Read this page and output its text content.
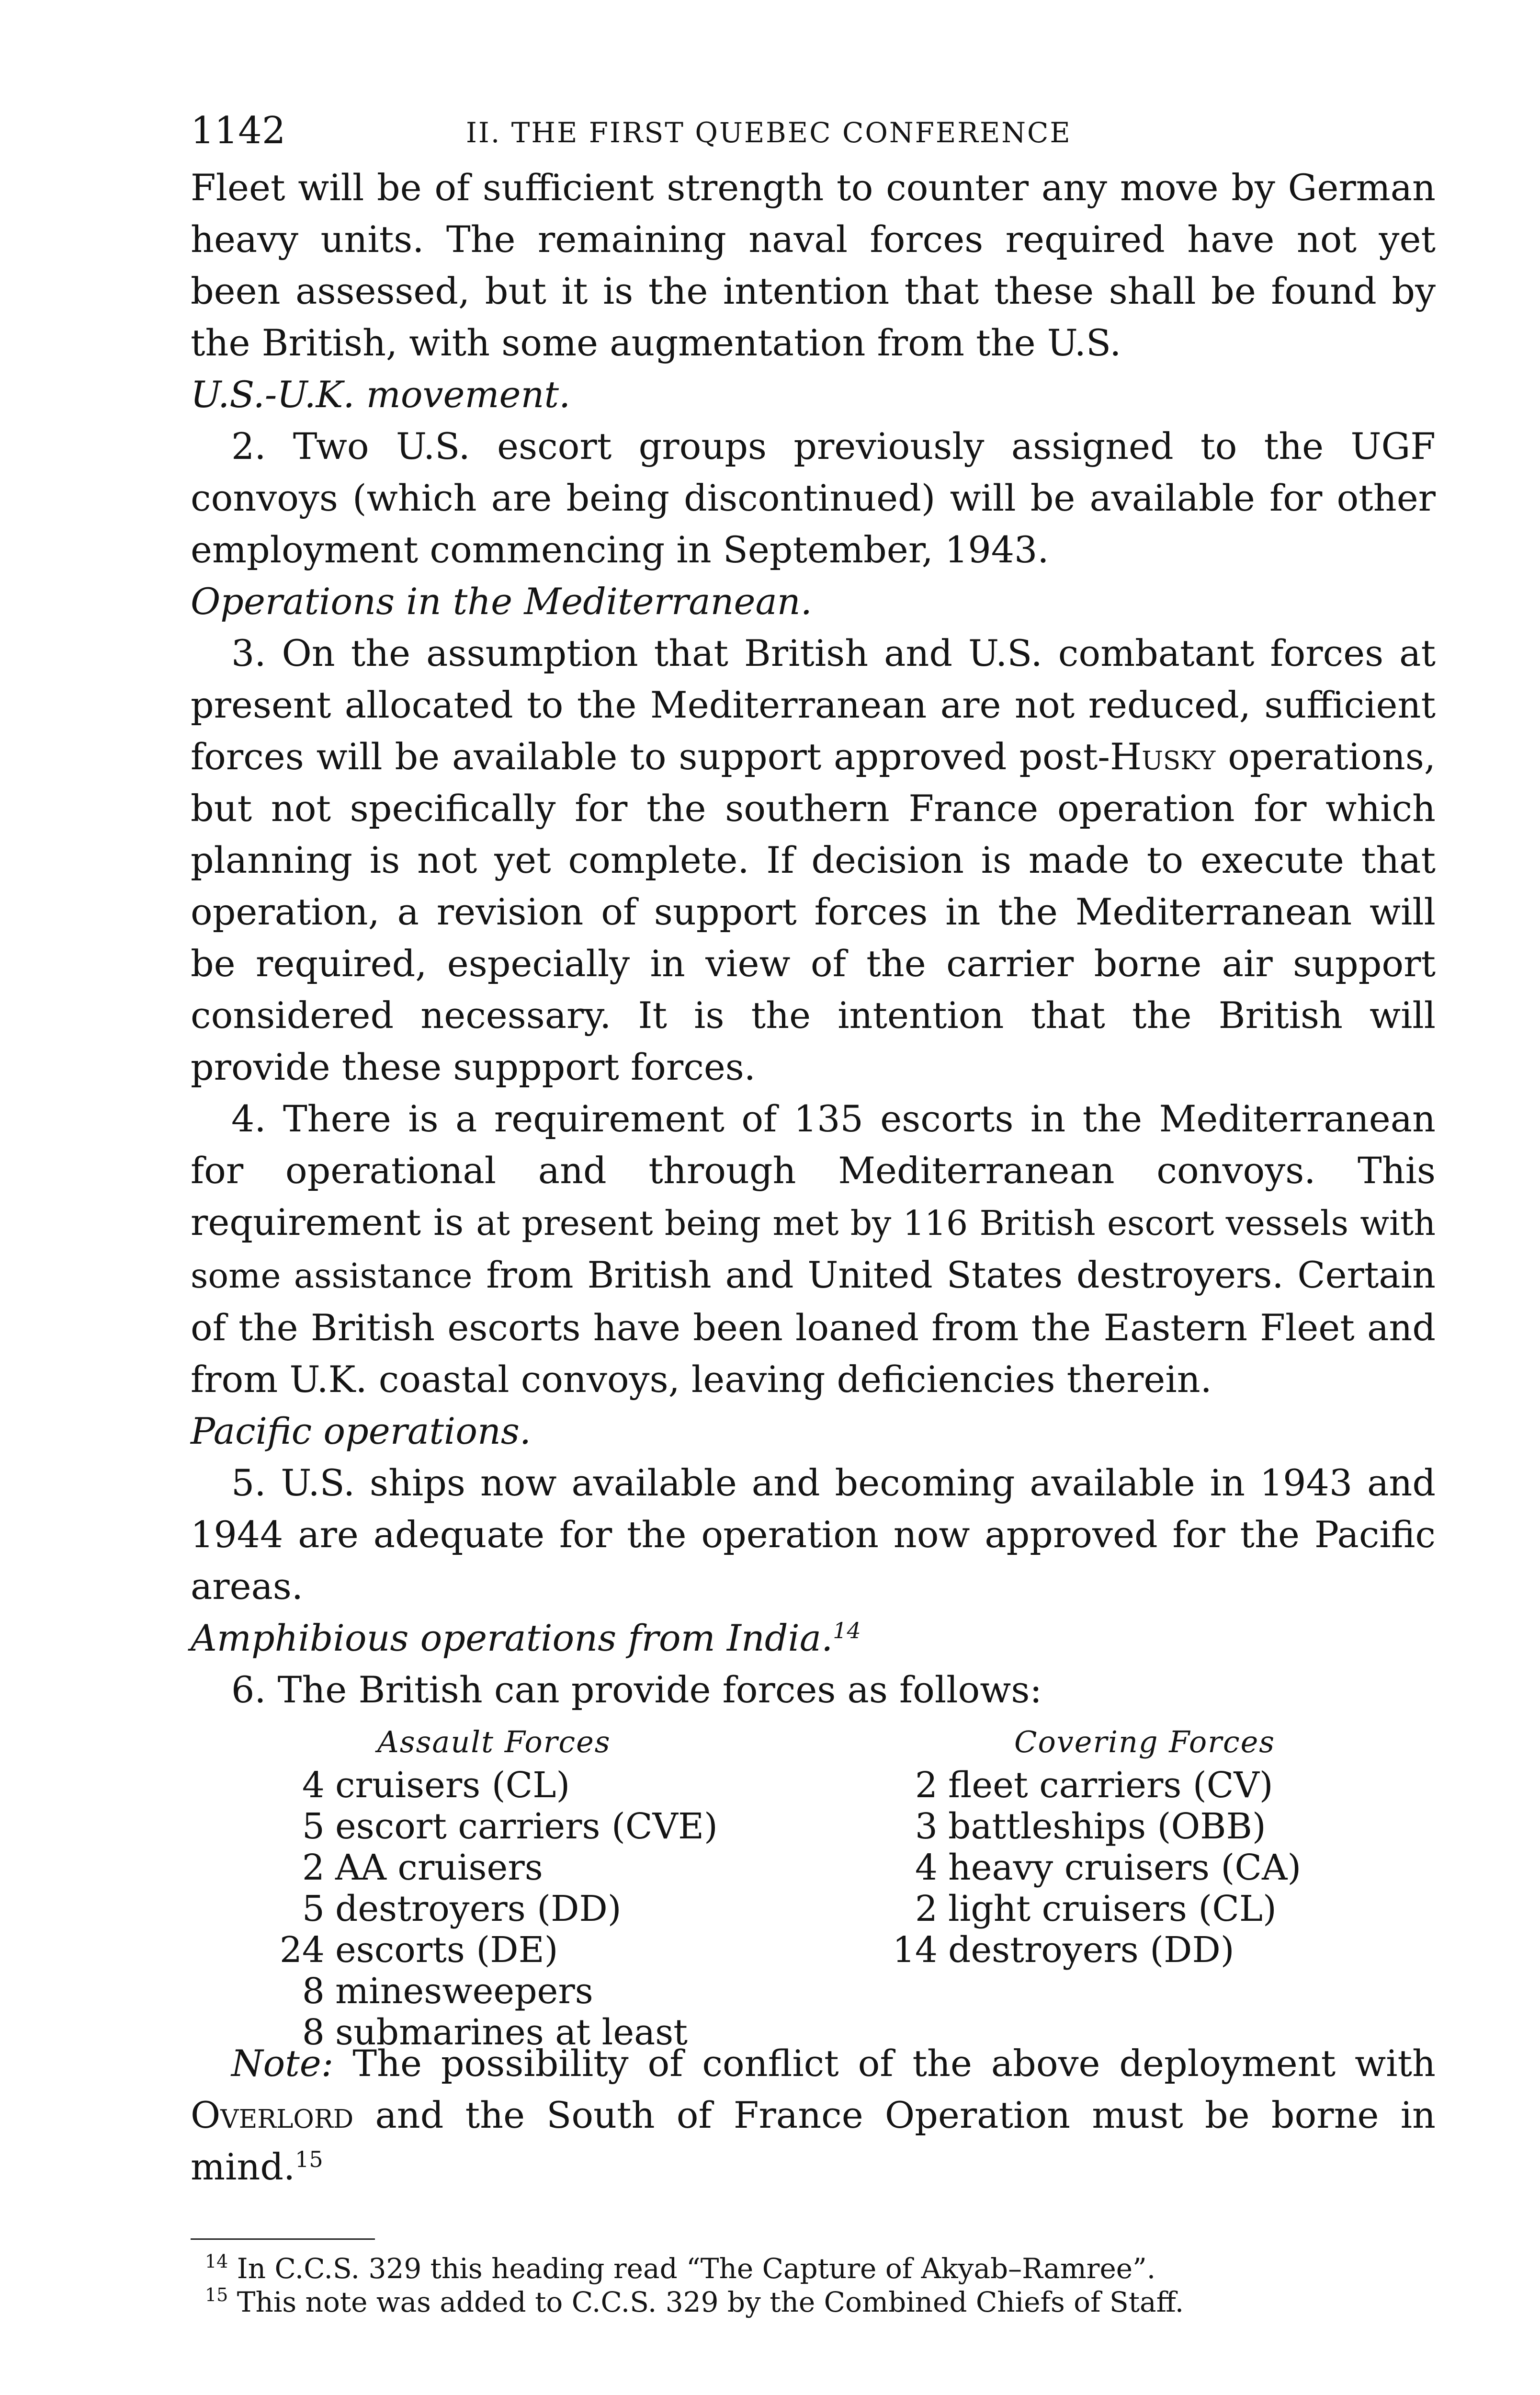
1142	II. THE FIRST QUEBEC CONFERENCE

Fleet will be of sufficient strength to counter any move by German heavy units. The remaining naval forces required have not yet been assessed, but it is the intention that these shall be found by the British, with some augmentation from the U.S.

U.S.-U.K. movement.

2. Two U.S. escort groups previously assigned to the UGF convoys (which are being discontinued) will be available for other employment commencing in September, 1943.

Operations in the Mediterranean.

3. On the assumption that British and U.S. combatant forces at present allocated to the Mediterranean are not reduced, sufficient forces will be available to support approved post-Husky operations, but not specifically for the southern France operation for which planning is not yet complete. If decision is made to execute that operation, a revision of support forces in the Mediterranean will be required, especially in view of the carrier borne air support considered necessary. It is the intention that the British will provide these suppport forces.

4. There is a requirement of 135 escorts in the Mediterranean for operational and through Mediterranean convoys. This requirement is at present being met by 116 British escort vessels with some assistance from British and United States destroyers. Certain of the British escorts have been loaned from the Eastern Fleet and from U.K. coastal convoys, leaving deficiencies therein.

Pacific operations.

5. U.S. ships now available and becoming available in 1943 and 1944 are adequate for the operation now approved for the Pacific areas.

Amphibious operations from India.$^{14}$

6. The British can provide forces as follows:

Assault Forces
4 cruisers (CL)
5 escort carriers (CVE)
2 AA cruisers
5 destroyers (DD)
24 escorts (DE)
8 minesweepers
8 submarines at least
Covering Forces
2 fleet carriers (CV)
3 battleships (OBB)
4 heavy cruisers (CA)
2 light cruisers (CL)
14 destroyers (DD)

Note: The possibility of conflict of the above deployment with Overlord and the South of France Operation must be borne in mind.$^{15}$

$^{14}$ In C.C.S. 329 this heading read “The Capture of Akyab–Ramree”.

$^{15}$ This note was added to C.C.S. 329 by the Combined Chiefs of Staff.
